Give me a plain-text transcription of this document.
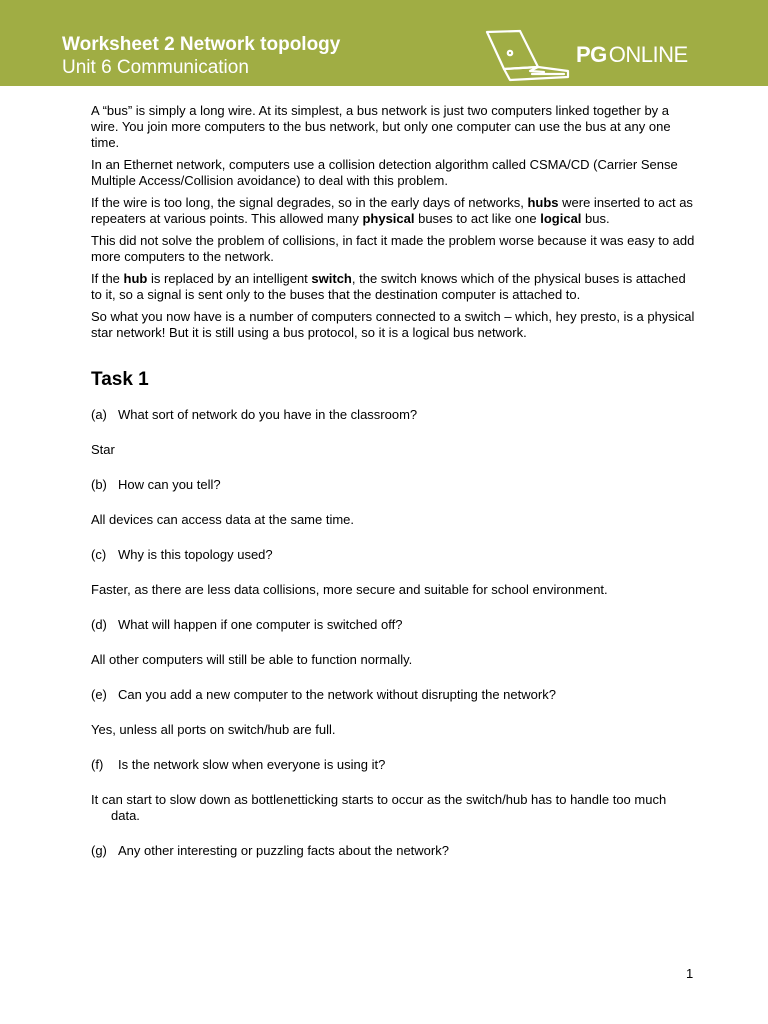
Worksheet 2 Network topology
Unit 6 Communication
PGONLINE

A “bus” is simply a long wire. At its simplest, a bus network is just two computers linked together by a wire. You join more computers to the bus network, but only one computer can use the bus at any one time.

In an Ethernet network, computers use a collision detection algorithm called CSMA/CD (Carrier Sense Multiple Access/Collision avoidance) to deal with this problem.

If the wire is too long, the signal degrades, so in the early days of networks, hubs were inserted to act as repeaters at various points. This allowed many physical buses to act like one logical bus.

This did not solve the problem of collisions, in fact it made the problem worse because it was easy to add more computers to the network.

If the hub is replaced by an intelligent switch, the switch knows which of the physical buses is attached to it, so a signal is sent only to the buses that the destination computer is attached to.

So what you now have is a number of computers connected to a switch – which, hey presto, is a physical star network! But it is still using a bus protocol, so it is a logical bus network.

Task 1
(a) What sort of network do you have in the classroom?
Star
(b) How can you tell?
All devices can access data at the same time.
(c) Why is this topology used?
Faster, as there are less data collisions, more secure and suitable for school environment.
(d) What will happen if one computer is switched off?
All other computers will still be able to function normally.
(e) Can you add a new computer to the network without disrupting the network?
Yes, unless all ports on switch/hub are full.
(f) Is the network slow when everyone is using it?
It can start to slow down as bottlenetticking starts to occur as the switch/hub has to handle too much data.
(g) Any other interesting or puzzling facts about the network?
1
